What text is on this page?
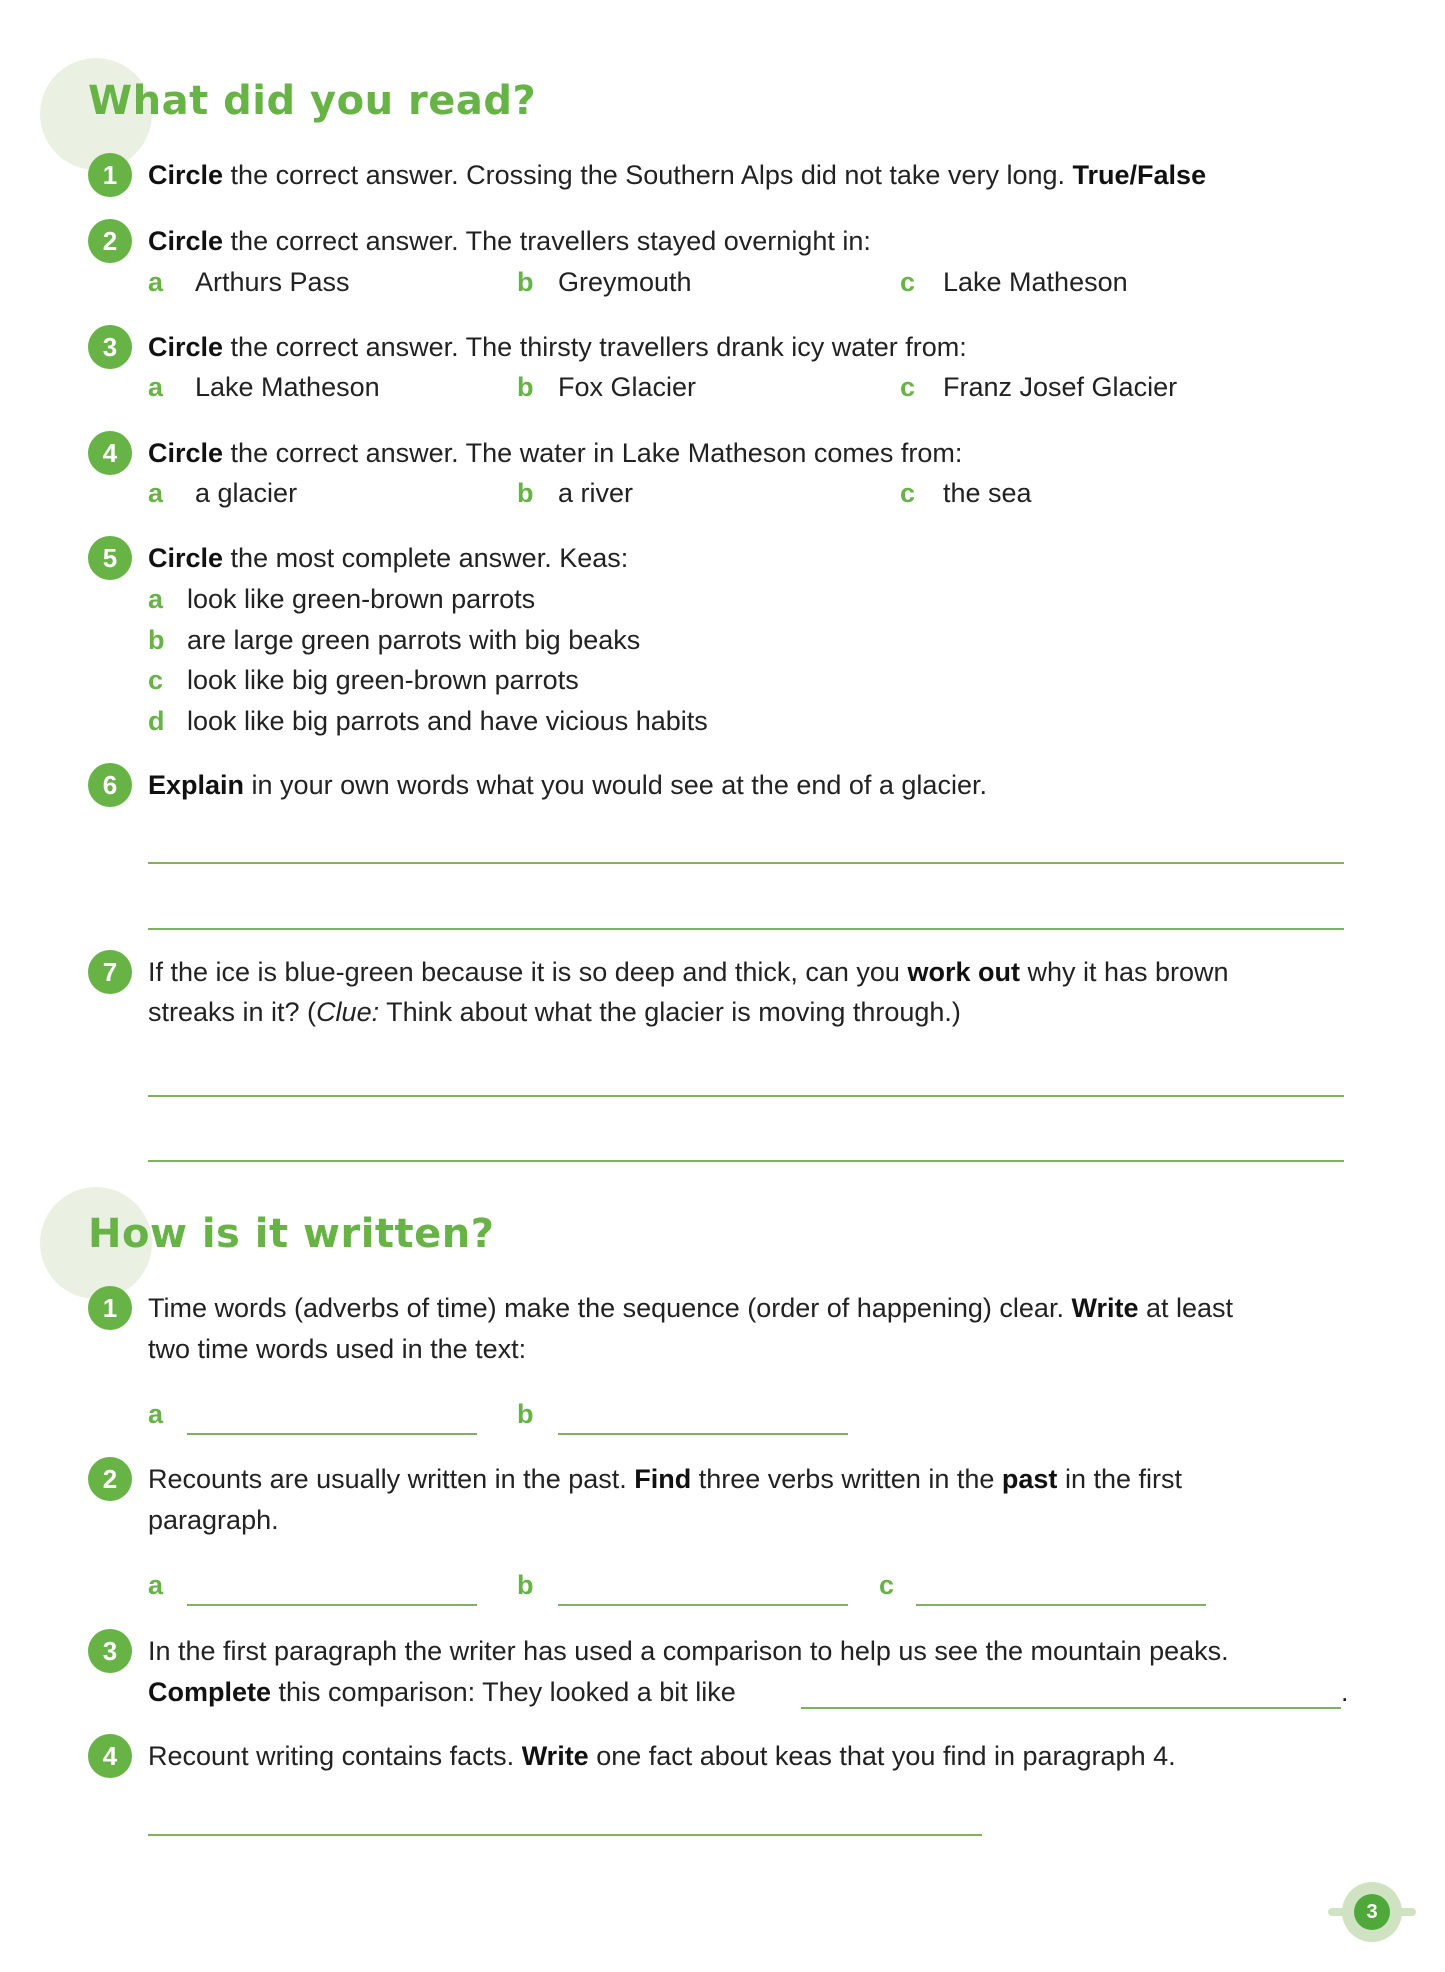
What did you read?
1	Circle the correct answer. Crossing the Southern Alps did not take very long. True/False
2	Circle the correct answer. The travellers stayed overnight in:
a Arthurs Pass	b Greymouth	c Lake Matheson
3	Circle the correct answer. The thirsty travellers drank icy water from:
a Lake Matheson	b Fox Glacier	c Franz Josef Glacier
4	Circle the correct answer. The water in Lake Matheson comes from:
a a glacier	b a river	c the sea
5	Circle the most complete answer. Keas:
a look like green-brown parrots
b are large green parrots with big beaks
c look like big green-brown parrots
d look like big parrots and have vicious habits
6	Explain in your own words what you would see at the end of a glacier.
7	If the ice is blue-green because it is so deep and thick, can you work out why it has brown
streaks in it? (Clue: Think about what the glacier is moving through.)
How is it written?
1	Time words (adverbs of time) make the sequence (order of happening) clear. Write at least
two time words used in the text:
a	b
2	Recounts are usually written in the past. Find three verbs written in the past in the first
paragraph.
a	b	c
3	In the first paragraph the writer has used a comparison to help us see the mountain peaks.
Complete this comparison: They looked a bit like	.
4	Recount writing contains facts. Write one fact about keas that you find in paragraph 4.
3
